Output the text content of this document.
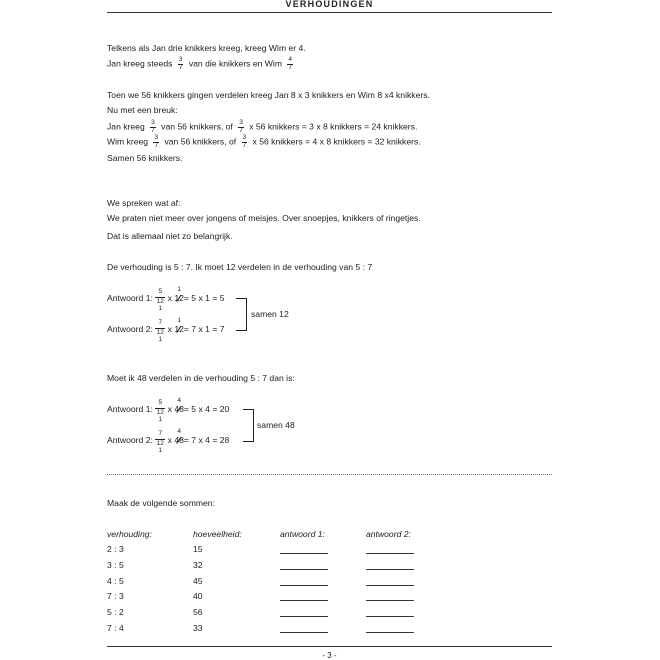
VERHOUDINGEN
Telkens als Jan drie knikkers kreeg, kreeg Wim er 4.
Jan kreeg steeds $\frac{3}{7}$ van die knikkers en Wim $\frac{4}{7}$
Toen we 56 knikkers gingen verdelen kreeg Jan 8 x 3 knikkers en Wim 8 x4 knikkers.
Nu met een breuk:
Jan kreeg $\frac{3}{7}$ van 56 knikkers, of $\frac{3}{7}$ x 56 knikkers = 3 x 8 knikkers = 24 knikkers.
Wim kreeg $\frac{3}{7}$ van 56 knikkers, of $\frac{3}{7}$ x 56 knikkers = 4 x 8 knikkers = 32 knikkers.
Samen 56 knikkers.
We spreken wat af:
We praten niet meer over jongens of meisjes. Over snoepjes, knikkers of ringetjes.
Dat is allemaal niet zo belangrijk.
De verhouding is 5 : 7. Ik moet 12 verdelen in de verhouding van 5 : 7
Antwoord 1:
5
12
1
x
1
12
= 5 x 1 = 5
Antwoord 2:
7
12
1
x
1
12
= 7 x 1 = 7
samen 12
Moet ik 48 verdelen in de verhouding 5 : 7 dan is:
Antwoord 1:
5
12
1
x
4
48
= 5 x 4 = 20
Antwoord 2:
7
12
1
x
4
48
= 7 x 4 = 28
samen 48
Maak de volgende sommen:
verhouding:	hoeveelheid:	antwoord 1:	antwoord 2:
2 : 3	15
3 : 5	32
4 : 5	45
7 : 3	40
5 : 2	56
7 : 4	33
- 3 -
